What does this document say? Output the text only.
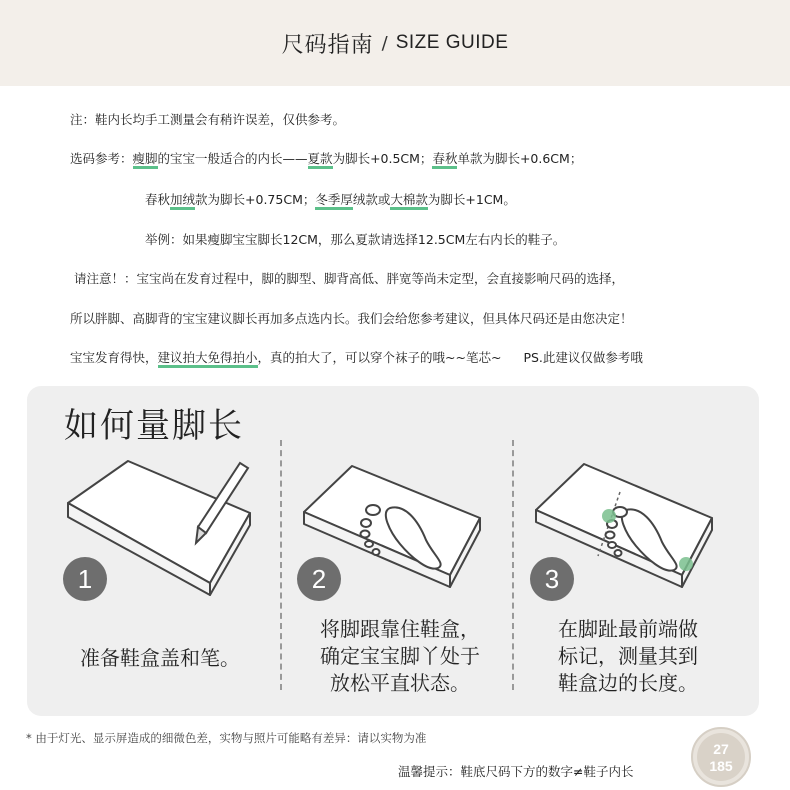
尺码指南 / SIZE GUIDE
注：鞋内长均手工测量会有稍许误差，仅供参考。
选码参考：瘦脚的宝宝一般适合的内长——夏款为脚长+0.5CM；春秋单款为脚长+0.6CM；
春秋加绒款为脚长+0.75CM；冬季厚绒款或大棉款为脚长+1CM。
举例：如果瘦脚宝宝脚长12CM，那么夏款请选择12.5CM左右内长的鞋子。
请注意！：宝宝尚在发育过程中，脚的脚型、脚背高低、胖宽等尚未定型，会直接影响尺码的选择，
所以胖脚、高脚背的宝宝建议脚长再加多点选内长。我们会给您参考建议，但具体尺码还是由您决定！
宝宝发育得快，建议拍大免得拍小，真的拍大了，可以穿个袜子的哦~~笔芯~ PS.此建议仅做参考哦
如何量脚长
1	2	3
准备鞋盒盖和笔。
将脚跟靠住鞋盒，
确定宝宝脚丫处于
放松平直状态。
在脚趾最前端做
标记，测量其到
鞋盒边的长度。
* 由于灯光、显示屏造成的细微色差，实物与照片可能略有差异：请以实物为准
温馨提示：鞋底尺码下方的数字≠鞋子内长
27
185
